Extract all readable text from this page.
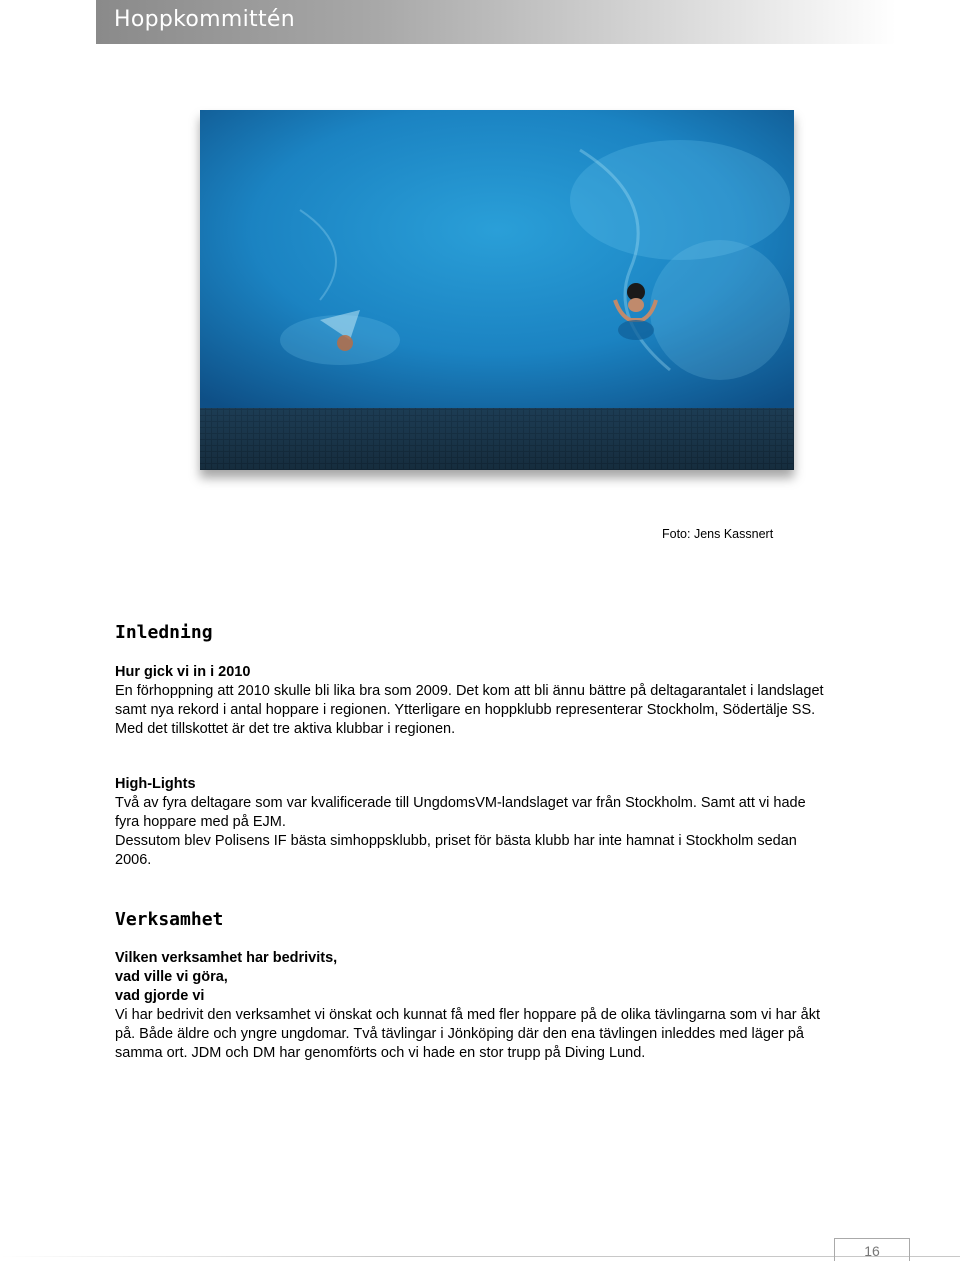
Hoppkommittén
Foto: Jens Kassnert
Inledning
Hur gick vi in i 2010

En förhoppning att 2010 skulle bli lika bra som 2009. Det kom att bli ännu bättre på deltagarantalet i landslaget

samt nya rekord i antal hoppare i regionen. Ytterligare en hoppklubb representerar Stockholm, Södertälje SS.

Med det tillskottet är det tre aktiva klubbar i regionen.

High-Lights

Två av fyra deltagare som var kvalificerade till UngdomsVM-landslaget var från Stockholm. Samt att vi hade

fyra hoppare med på EJM.

Dessutom blev Polisens IF bästa simhoppsklubb, priset för bästa klubb har inte hamnat i Stockholm sedan

2006.

Verksamhet

Vilken verksamhet har bedrivits,

vad ville vi göra,

vad gjorde vi

Vi har bedrivit den verksamhet vi önskat och kunnat få med fler hoppare på de olika tävlingarna som vi har åkt

på. Både äldre och yngre ungdomar. Två tävlingar i Jönköping där den ena tävlingen inleddes med läger på

samma ort. JDM och DM har genomförts och vi hade en stor trupp på Diving Lund.

16
